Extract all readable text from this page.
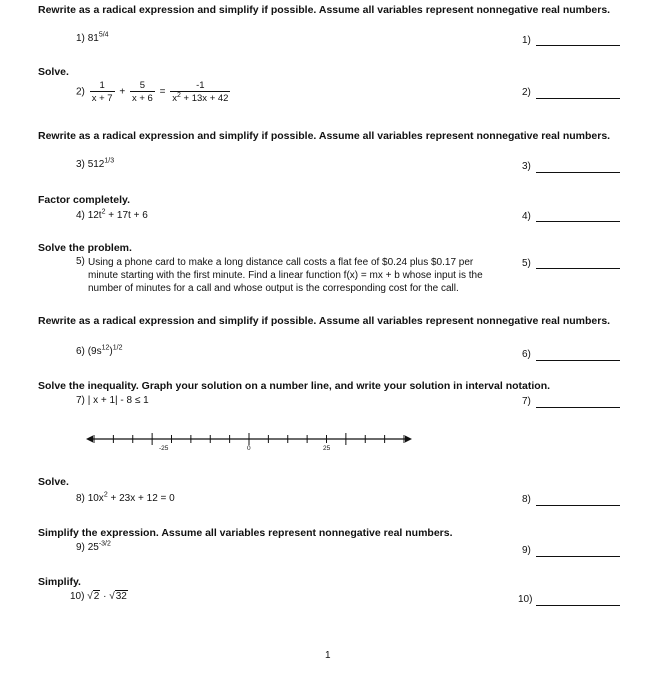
Rewrite as a radical expression and simplify if possible. Assume all variables represent nonnegative real numbers.
1) $81^{5/4}$	1)
Solve.
$2) \frac{1}{x + 7} + \frac{5}{x + 6} = \frac{-1}{x^2 + 13x + 42}$	2)
Rewrite as a radical expression and simplify if possible. Assume all variables represent nonnegative real numbers.
3) $512^{1/3}$	3)
Factor completely.
4) $12t^2 + 17t + 6$	4)
Solve the problem.
5) Using a phone card to make a long distance call costs a flat fee of $0.24 plus $0.17 per minute starting with the first minute. Find a linear function f(x) = mx + b whose input is the number of minutes for a call and whose output is the corresponding cost for the call.
5)
Rewrite as a radical expression and simplify if possible. Assume all variables represent nonnegative real numbers.
6) $(9s^{12})^{1/2}$
6)
Solve the inequality. Graph your solution on a number line, and write your solution in interval notation.
7) | x + 1| - 8 ≤ 1	7)
-25	0	25
Solve.
8) $10x^2 + 23x + 12 = 0$	8)
Simplify the expression. Assume all variables represent nonnegative real numbers.
9) $25^{-3/2}$
9)
Simplify.
10) √2 · √32	10)
1
